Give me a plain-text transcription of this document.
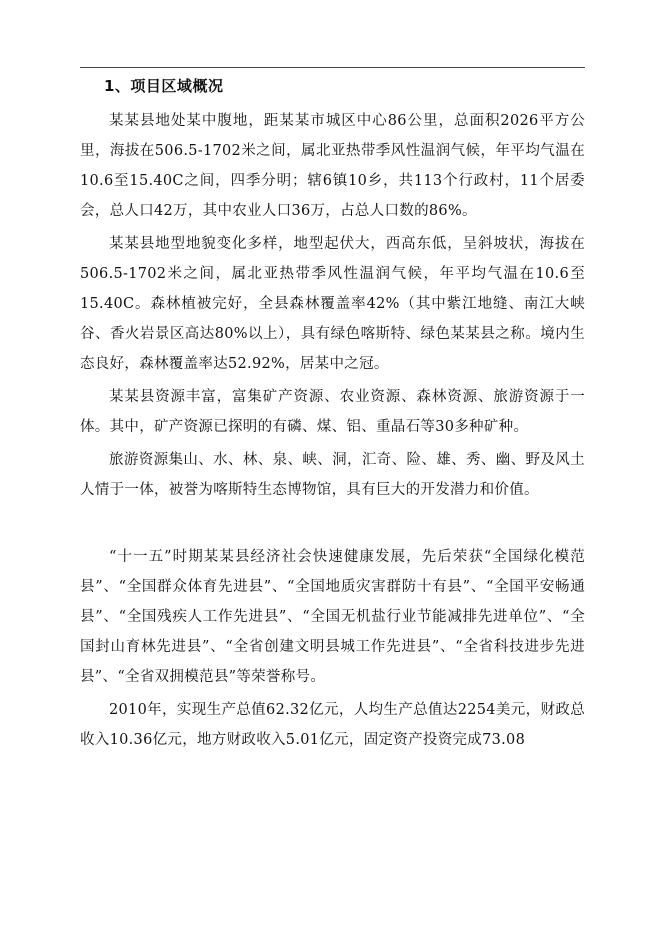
1、项目区域概况

某某县地处某中腹地，距某某市城区中心86公里，总面积2026平方公里，海拔在506.5-1702米之间，属北亚热带季风性温润气候，年平均气温在10.6至15.40C之间，四季分明；辖6镇10乡，共113个行政村，11个居委会，总人口42万，其中农业人口36万，占总人口数的86%。

某某县地型地貌变化多样，地型起伏大，西高东低，呈斜坡状，海拔在506.5-1702米之间，属北亚热带季风性温润气候，年平均气温在10.6至15.40C。森林植被完好，全县森林覆盖率42%（其中紫江地缝、南江大峡谷、香火岩景区高达80%以上），具有绿色喀斯特、绿色某某县之称。境内生态良好，森林覆盖率达52.92%，居某中之冠。

某某县资源丰富，富集矿产资源、农业资源、森林资源、旅游资源于一体。其中，矿产资源已探明的有磷、煤、铝、重晶石等30多种矿种。

旅游资源集山、水、林、泉、峡、洞，汇奇、险、雄、秀、幽、野及风土人情于一体，被誉为喀斯特生态博物馆，具有巨大的开发潜力和价值。

“十一五”时期某某县经济社会快速健康发展，先后荣获“全国绿化模范县”、“全国群众体育先进县”、“全国地质灾害群防十有县”、“全国平安畅通县”、“全国残疾人工作先进县”、“全国无机盐行业节能减排先进单位”、“全国封山育林先进县”、“全省创建文明县城工作先进县”、“全省科技进步先进县”、“全省双拥模范县”等荣誉称号。

2010年，实现生产总值62.32亿元，人均生产总值达2254美元，财政总收入10.36亿元，地方财政收入5.01亿元，固定资产投资完成73.08
